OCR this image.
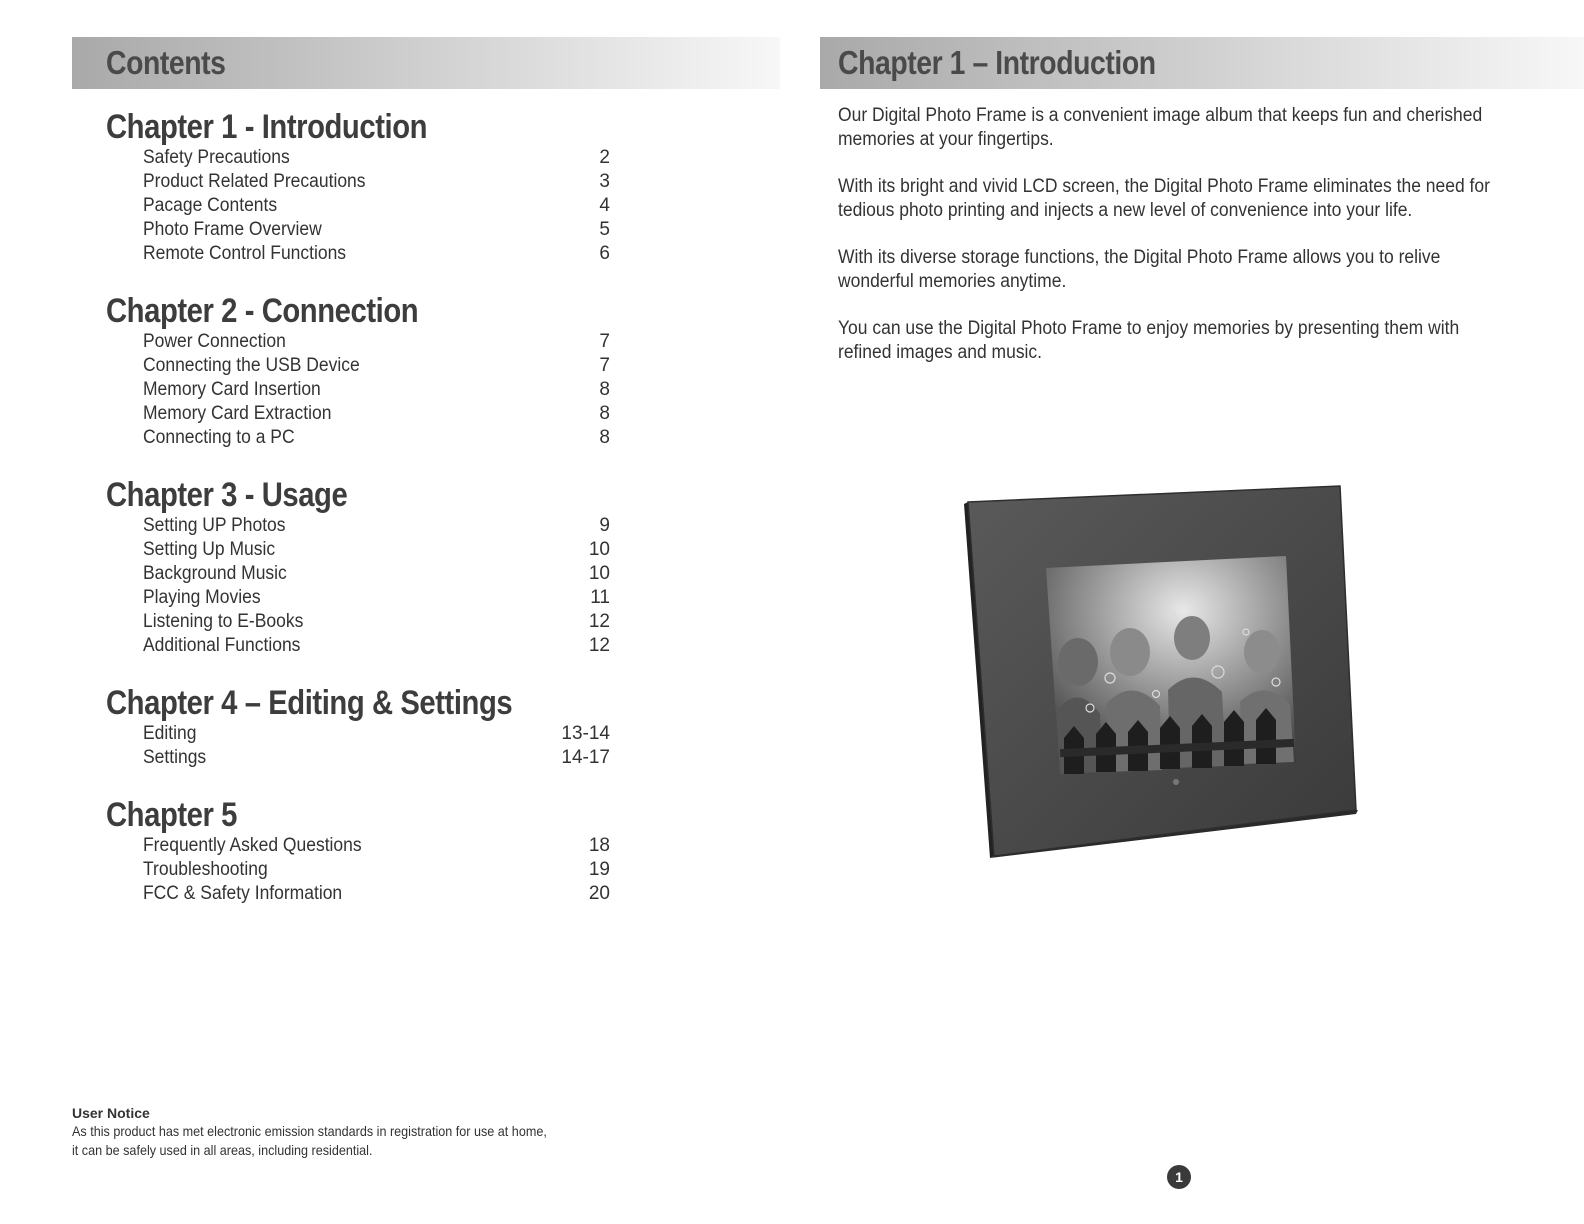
Contents
Chapter 1 - Introduction
Safety Precautions	2
Product Related Precautions	3
Pacage Contents	4
Photo Frame Overview	5
Remote Control Functions	6
Chapter 2 - Connection
Power Connection	7
Connecting the USB Device	7
Memory Card Insertion	8
Memory Card Extraction	8
Connecting to a PC	8
Chapter 3 - Usage
Setting UP Photos	9
Setting Up Music	10
Background Music	10
Playing Movies	11
Listening to E-Books	12
Additional Functions	12
Chapter 4 – Editing & Settings
Editing	13-14
Settings	14-17
Chapter 5
Frequently Asked Questions	18
Troubleshooting	19
FCC & Safety Information	20
User Notice
As this product has met electronic emission standards in registration for use at home,
it can be safely used in all areas, including residential.
Chapter 1 – Introduction

Our Digital Photo Frame is a convenient image album that keeps fun and cherished memories at your fingertips.

With its bright and vivid LCD screen, the Digital Photo Frame eliminates the need for tedious photo printing and injects a new level of convenience into your life.

With its diverse storage functions, the Digital Photo Frame allows you to relive wonderful memories anytime.

You can use the Digital Photo Frame to enjoy memories by presenting them with refined images and music.

1
